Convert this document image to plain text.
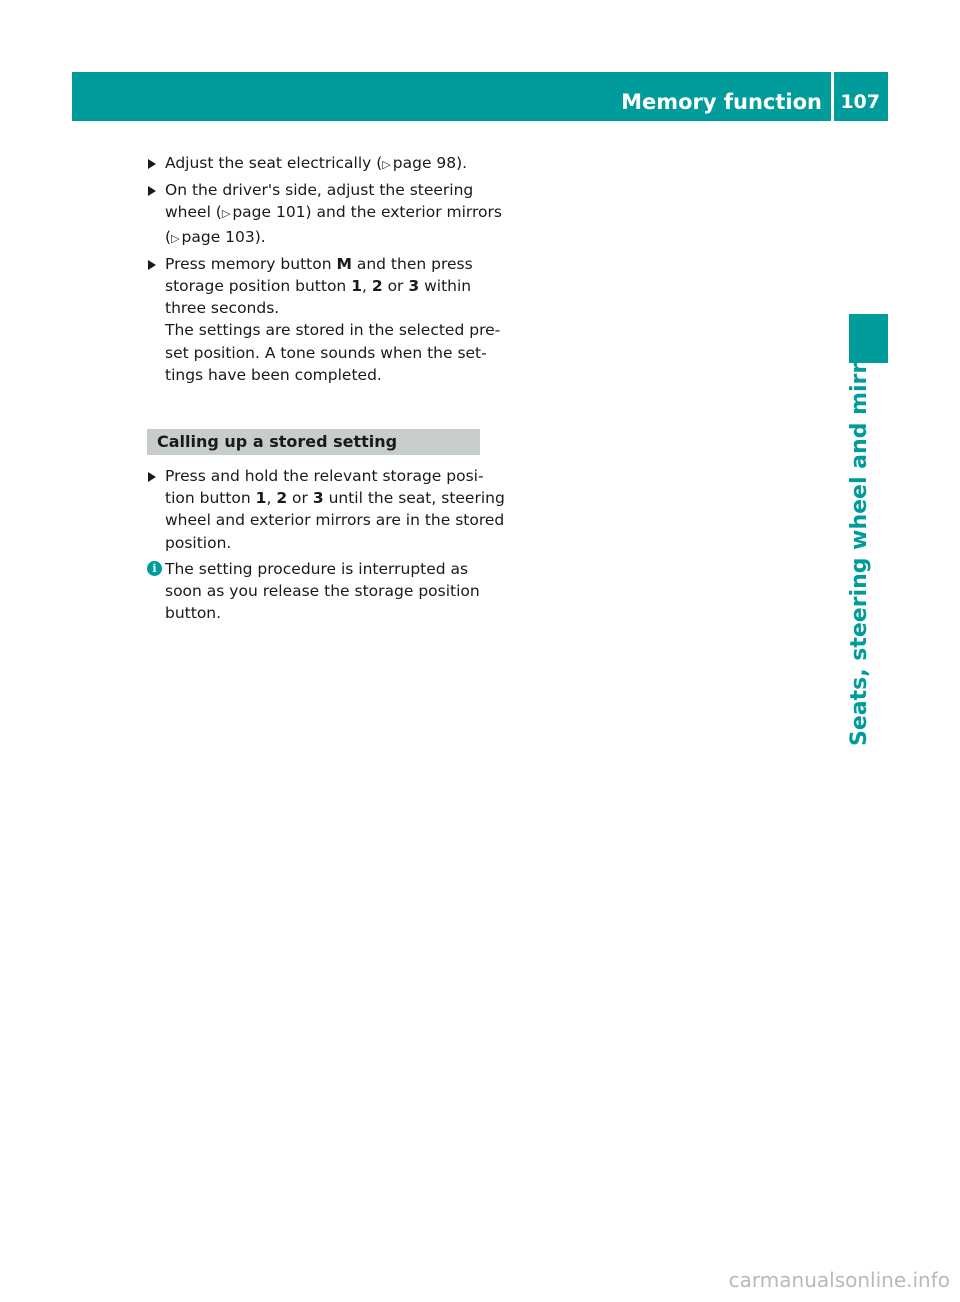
Memory function 107
Seats, steering wheel and mirrors
Adjust the seat electrically (▷ page 98).
On the driver's side, adjust the steering
wheel (▷ page 101) and the exterior mirrors
(▷ page 103).
Press memory button M and then press
storage position button 1, 2 or 3 within
three seconds.
The settings are stored in the selected pre-
set position. A tone sounds when the set-
tings have been completed.
Calling up a stored setting
Press and hold the relevant storage posi-
tion button 1, 2 or 3 until the seat, steering
wheel and exterior mirrors are in the stored
position.
i The setting procedure is interrupted as
soon as you release the storage position
button.
carmanualsonline.info
